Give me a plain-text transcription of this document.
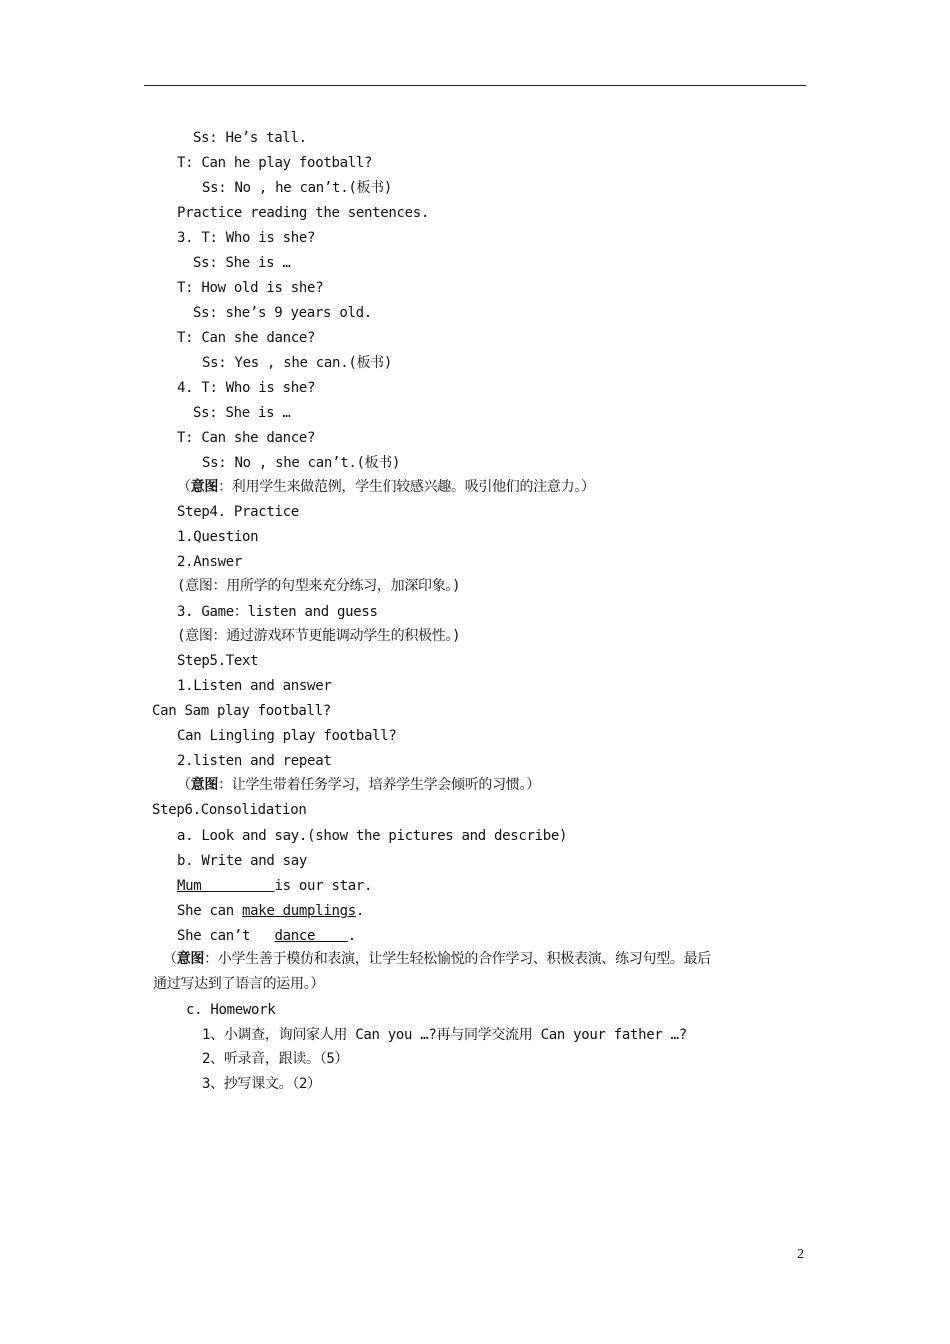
Ss: He’s tall.
T: Can he play football?
Ss: No , he can’t.(板书)
Practice reading the sentences.
3. T: Who is she?
Ss: She is …
T: How old is she?
Ss: she’s 9 years old.
T: Can she dance?
Ss: Yes , she can.(板书)
4. T: Who is she?
Ss: She is …
T: Can she dance?
Ss: No , she can’t.(板书)
（意图：利用学生来做范例，学生们较感兴趣。吸引他们的注意力。）
Step4. Practice
1.Question
2.Answer
(意图：用所学的句型来充分练习，加深印象。)
3. Game：listen and guess
(意图：通过游戏环节更能调动学生的积极性。)
Step5.Text
1.Listen and answer
Can Sam play football?
Can Lingling play football?
2.listen and repeat
（意图：让学生带着任务学习，培养学生学会倾听的习惯。）
Step6.Consolidation
a. Look and say.(show the pictures and describe)
b. Write and say
Mum         is our star.
She can make dumplings.
She can’t   dance    .
（意图：小学生善于模仿和表演，让学生轻松愉悦的合作学习、积极表演、练习句型。最后
通过写达到了语言的运用。）
c. Homework
1、小调查，询问家人用 Can you …?再与同学交流用 Can your father …?
2、听录音，跟读。（5）
3、抄写课文。（2）
2
